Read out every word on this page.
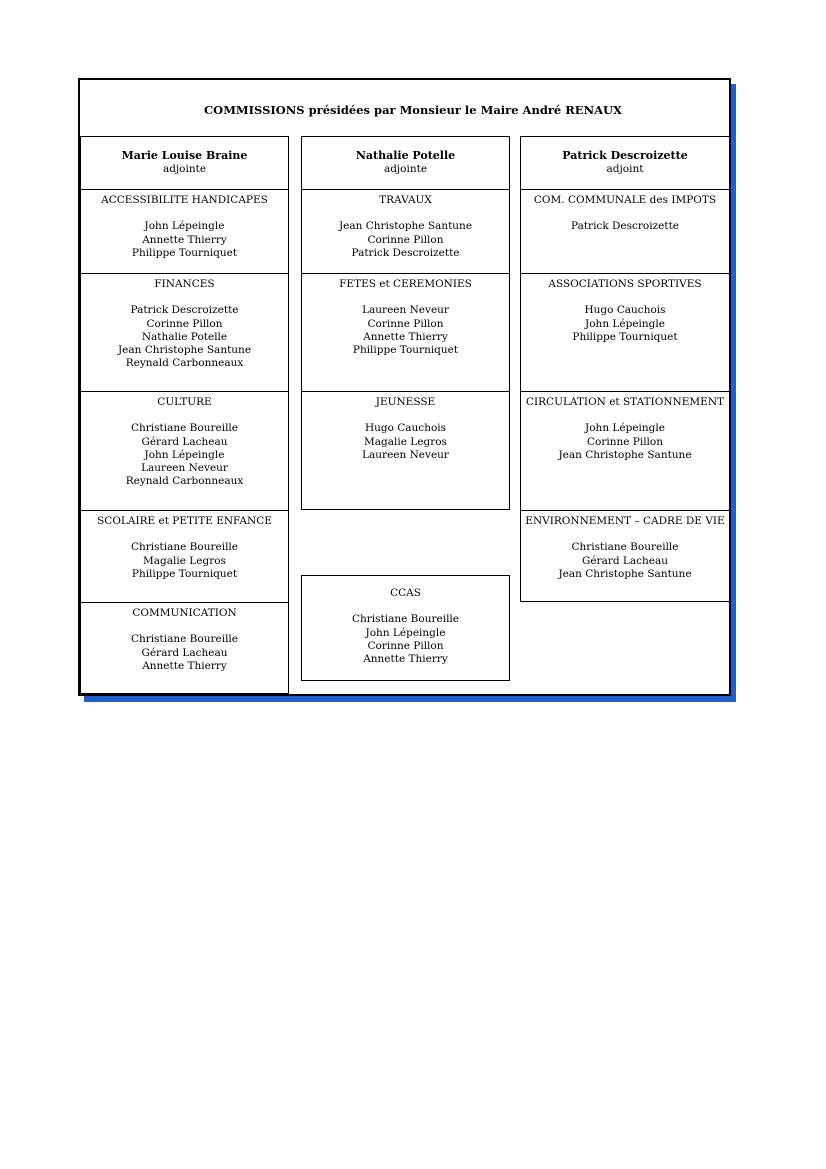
COMMISSIONS présidées par Monsieur le Maire André RENAUX
Marie Louise Braine
adjointe
ACCESSIBILITE HANDICAPES
John Lépeingle
Annette Thierry
Philippe Tourniquet
FINANCES
Patrick Descroizette
Corinne Pillon
Nathalie Potelle
Jean Christophe Santune
Reynald Carbonneaux
CULTURE
Christiane Boureille
Gérard Lacheau
John Lépeingle
Laureen Neveur
Reynald Carbonneaux
SCOLAIRE et PETITE ENFANCE
Christiane Boureille
Magalie Legros
Philippe Tourniquet
COMMUNICATION
Christiane Boureille
Gérard Lacheau
Annette Thierry
Nathalie Potelle
adjointe
TRAVAUX
Jean Christophe Santune
Corinne Pillon
Patrick Descroizette
FETES et CEREMONIES
Laureen Neveur
Corinne Pillon
Annette Thierry
Philippe Tourniquet
JEUNESSE
Hugo Cauchois
Magalie Legros
Laureen Neveur
CCAS
Christiane Boureille
John Lépeingle
Corinne Pillon
Annette Thierry
Patrick Descroizette
adjoint
COM. COMMUNALE des IMPOTS
Patrick Descroizette
ASSOCIATIONS SPORTIVES
Hugo Cauchois
John Lépeingle
Philippe Tourniquet
CIRCULATION et STATIONNEMENT
John Lépeingle
Corinne Pillon
Jean Christophe Santune
ENVIRONNEMENT – CADRE DE VIE
Christiane Boureille
Gérard Lacheau
Jean Christophe Santune
